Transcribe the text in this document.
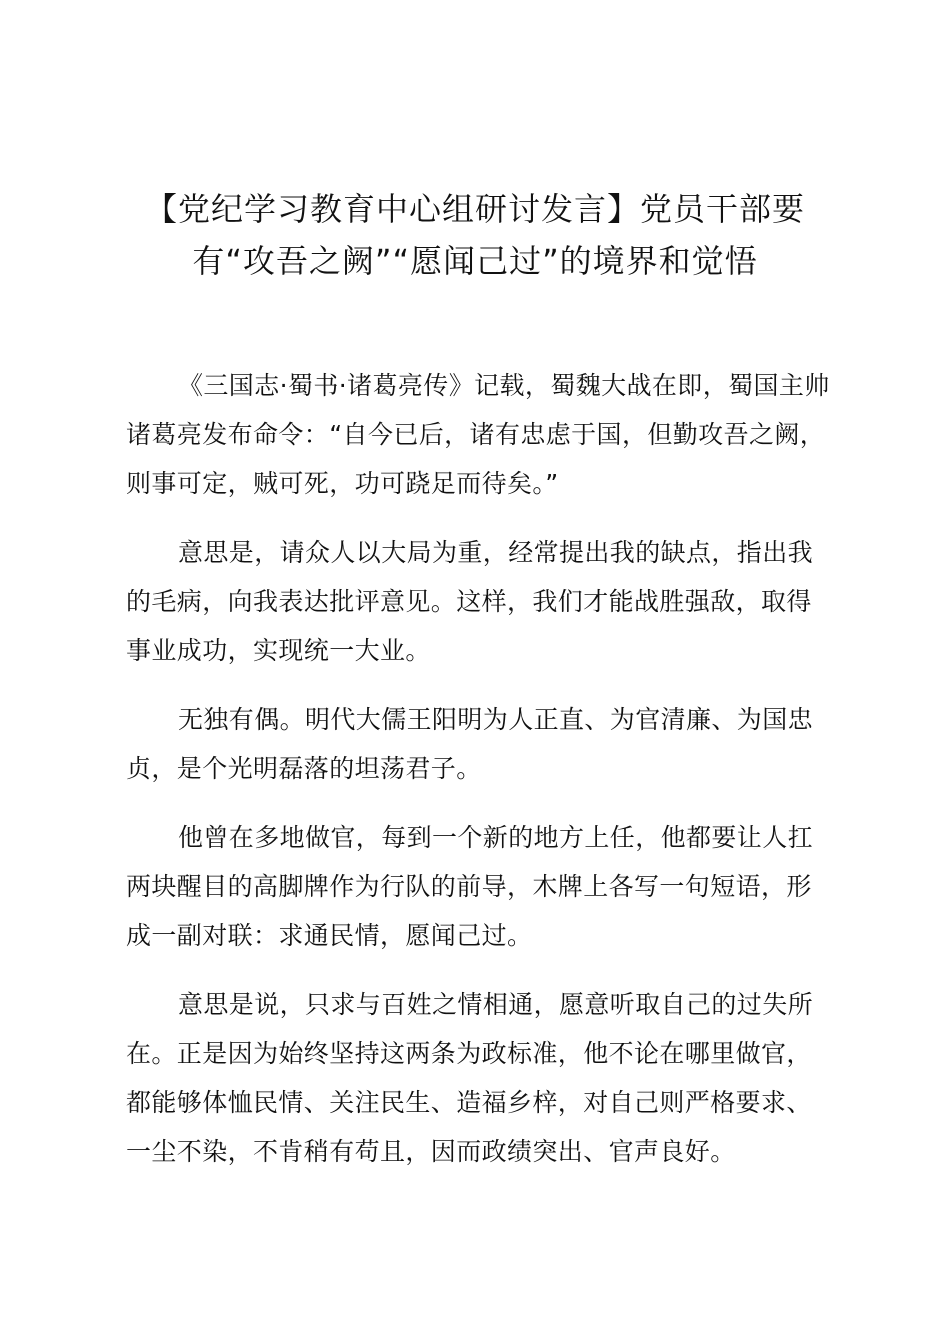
【党纪学习教育中心组研讨发言】党员干部要
有“攻吾之阙”“愿闻己过”的境界和觉悟

《三国志·蜀书·诸葛亮传》记载，蜀魏大战在即，蜀国主帅
诸葛亮发布命令：“自今已后，诸有忠虑于国，但勤攻吾之阙，
则事可定，贼可死，功可跷足而待矣。”

意思是，请众人以大局为重，经常提出我的缺点，指出我
的毛病，向我表达批评意见。这样，我们才能战胜强敌，取得
事业成功，实现统一大业。

无独有偶。明代大儒王阳明为人正直、为官清廉、为国忠
贞，是个光明磊落的坦荡君子。

他曾在多地做官，每到一个新的地方上任，他都要让人扛
两块醒目的高脚牌作为行队的前导，木牌上各写一句短语，形
成一副对联：求通民情，愿闻己过。

意思是说，只求与百姓之情相通，愿意听取自己的过失所
在。正是因为始终坚持这两条为政标准，他不论在哪里做官，
都能够体恤民情、关注民生、造福乡梓，对自己则严格要求、
一尘不染，不肯稍有苟且，因而政绩突出、官声良好。
